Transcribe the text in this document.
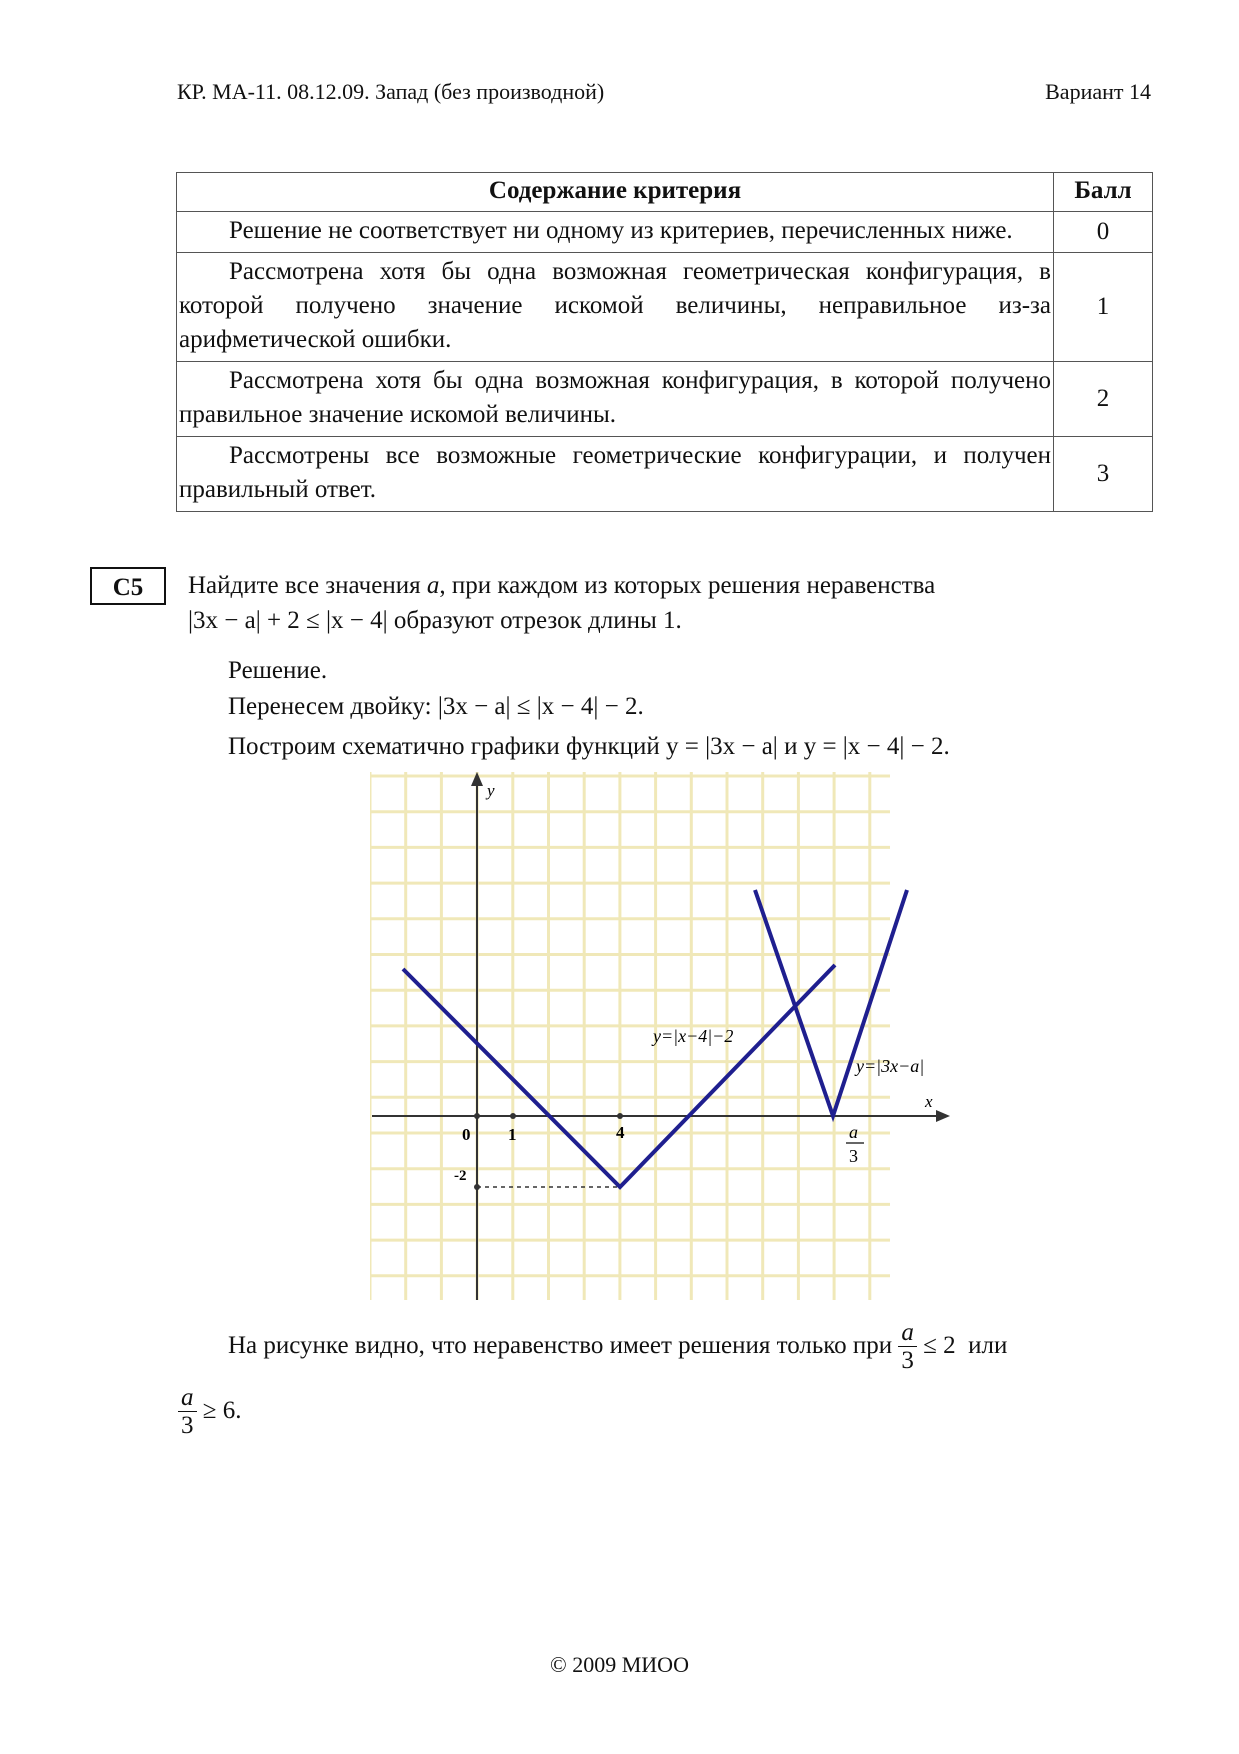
КР. МА-11. 08.12.09. Запад (без производной)	Вариант 14
Содержание критерия	Балл
Решение не соответствует ни одному из критериев, перечисленных ниже.	0
Рассмотрена хотя бы одна возможная геометрическая конфигурация, в которой получено значение искомой величины, неправильное из-за арифметической ошибки.	1
Рассмотрена хотя бы одна возможная конфигурация, в которой получено правильное значение искомой величины.	2
Рассмотрены все возможные геометрические конфигурации, и получен правильный ответ.	3
C5	Найдите все значения a, при каждом из которых решения неравенства
|3x − a| + 2 ≤ |x − 4| образуют отрезок длины 1.
Решение.
Перенесем двойку: |3x − a| ≤ |x − 4| − 2.
Построим схематично графики функций y = |3x − a| и y = |x − 4| − 2.
y
x
0 1	4
-2
a
3
y=|x−4|−2
y=|3x−a|
На рисунке видно, что неравенство имеет решения только при $\frac{a}{3} \le 2$ или
$\frac{a}{3} \ge 6$.
© 2009 МИОО
